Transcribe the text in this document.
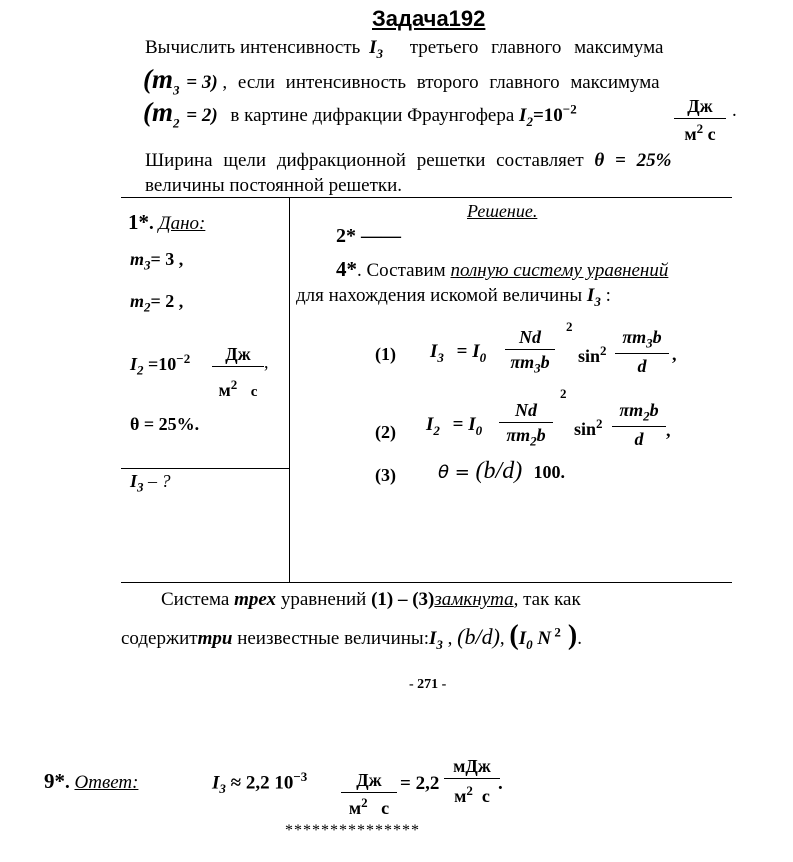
Задача192
Вычислить интенсивность $I_3$ третьего главного максимума
$(m_3 = 3)$ , если интенсивность второго главного максимума
$(m_2 = 2)$ в картине дифракции Фраунгофера $I_2=10^{-2}$	Дж
$м^2$ с
.
Ширина щели дифракционной решетки составляет θ = 25%
величины постоянной решетки.
1*. Дано:
$m_3= 3$ ,
$m_2= 2$ ,
$I_2 =10^{-2}$	Дж
$м^2$ с
,
θ = 25%.
$I_3$ – ?
Решение.
2* ——
4*. Составим полную систему уравнений
для нахождения искомой величины $I_3$ :
(1) $I_3 = I_0$
Nd
$\pi m_3b$
2
$\sin^2$
$\pi m_3b$
d
,
(2) $I_2 = I_0$
Nd
$\pi m_2b$
2
$\sin^2$
$\pi m_2b$
d	,
(3) θ = (b/d) 100.
Система трех уравнений (1) – (3)замкнута, так как
содержиттри неизвестные $величины:I_3$ , (b/d), ($I_0$ N $^2$ ).
- 271 -
9*. Ответ:	$I_3 \approx 2,2$ $10^{-3}$	Дж
$м^2$ с
= 2,2
мДж
$м^2$ с
.
***************
